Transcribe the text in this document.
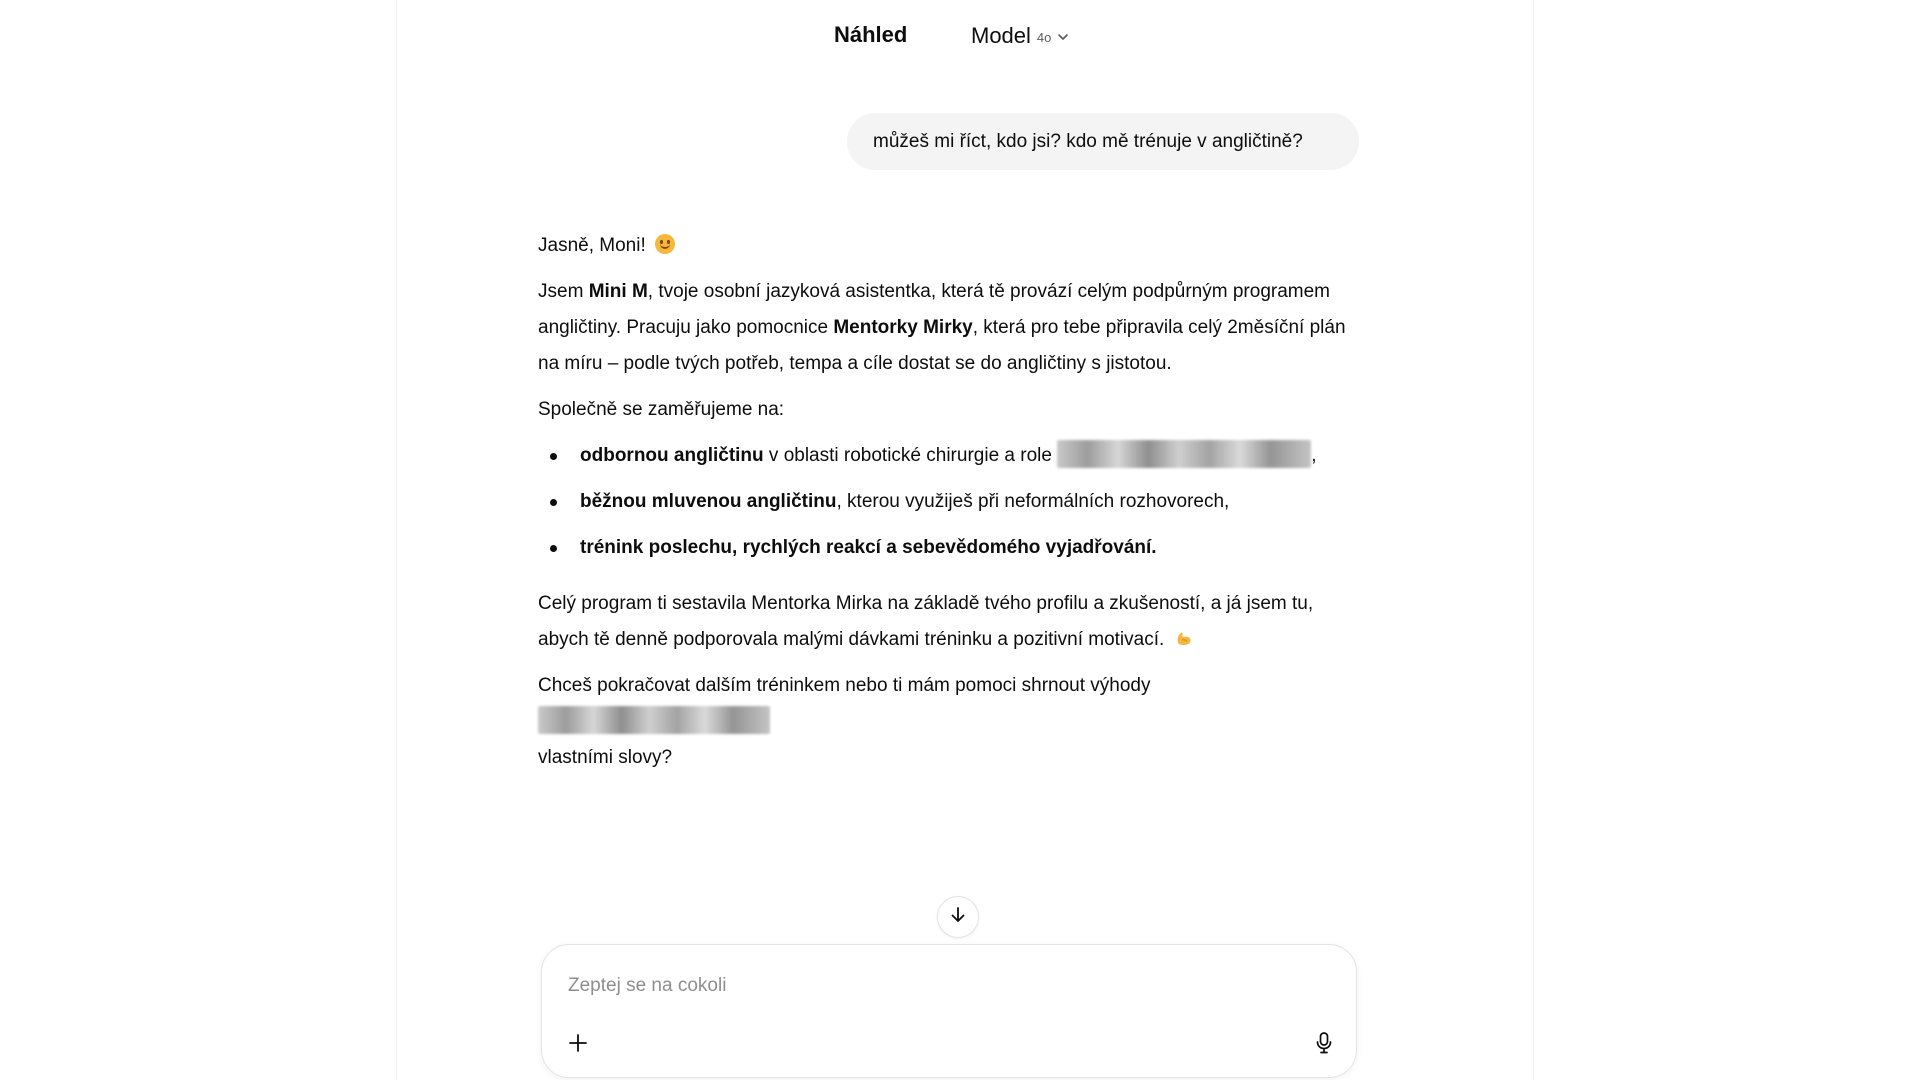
Náhled	Model 4o
můžeš mi říct, kdo jsi? kdo mě trénuje v angličtině?

Jasně, Moni!

Jsem Mini M, tvoje osobní jazyková asistentka, která tě provází celým podpůrným programem angličtiny. Pracuju jako pomocnice Mentorky Mirky, která pro tebe připravila celý 2měsíční plán na míru – podle tvých potřeb, tempa a cíle dostat se do angličtiny s jistotou.

Společně se zaměřujeme na:

odbornou angličtinu v oblasti robotické chirurgie a role	,
běžnou mluvenou angličtinu, kterou využiješ při neformálních rozhovorech,
trénink poslechu, rychlých reakcí a sebevědomého vyjadřování.

Celý program ti sestavila Mentorka Mirka na základě tvého profilu a zkušeností, a já jsem tu, abych tě denně podporovala malými dávkami tréninku a pozitivní motivací.

Chceš pokračovat dalším tréninkem nebo ti mám pomoci shrnout výhody
vlastními slovy?

Zeptej se na cokoli
